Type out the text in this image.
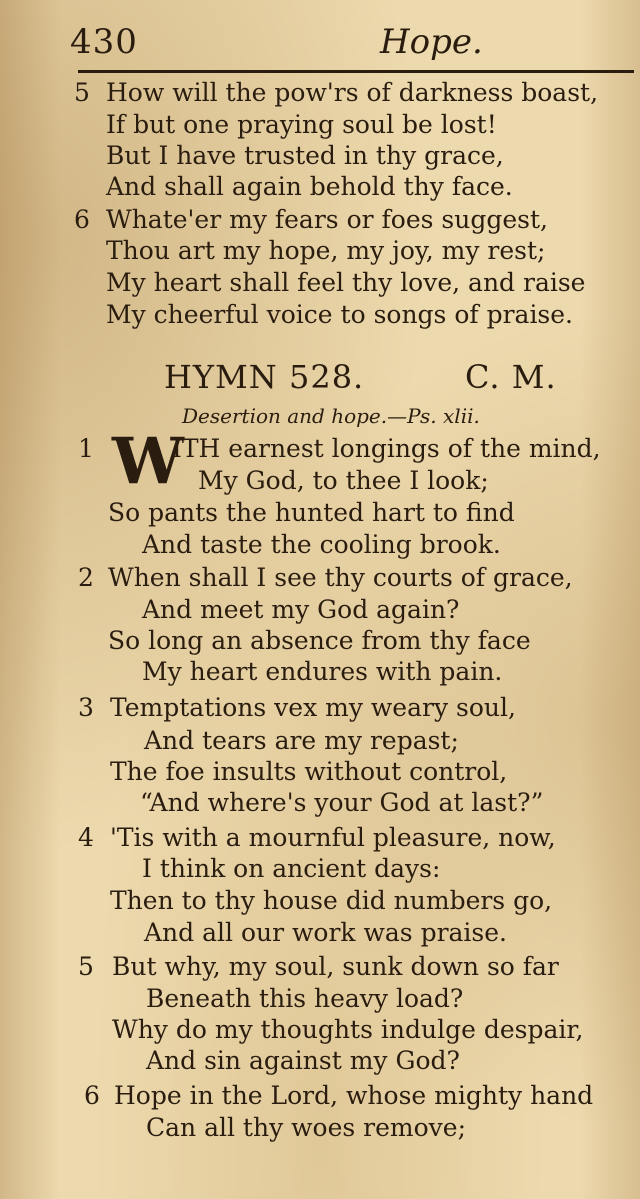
430	Hope.
5 How will the pow'rs of darkness boast,
If but one praying soul be lost!
But I have trusted in thy grace,
And shall again behold thy face.
6 Whate'er my fears or foes suggest,
Thou art my hope, my joy, my rest;
My heart shall feel thy love, and raise
My cheerful voice to songs of praise.
HYMN 528.	C. M.
Desertion and hope.—Ps. xlii.
W
1	ITH earnest longings of the mind,
My God, to thee I look;
So pants the hunted hart to find
And taste the cooling brook.
2 When shall I see thy courts of grace,
And meet my God again?
So long an absence from thy face
My heart endures with pain.
3 Temptations vex my weary soul,
And tears are my repast;
The foe insults without control,
“And where's your God at last?”
4 'Tis with a mournful pleasure, now,
I think on ancient days:
Then to thy house did numbers go,
And all our work was praise.
5 But why, my soul, sunk down so far
Beneath this heavy load?
Why do my thoughts indulge despair,
And sin against my God?
6 Hope in the Lord, whose mighty hand
Can all thy woes remove;
